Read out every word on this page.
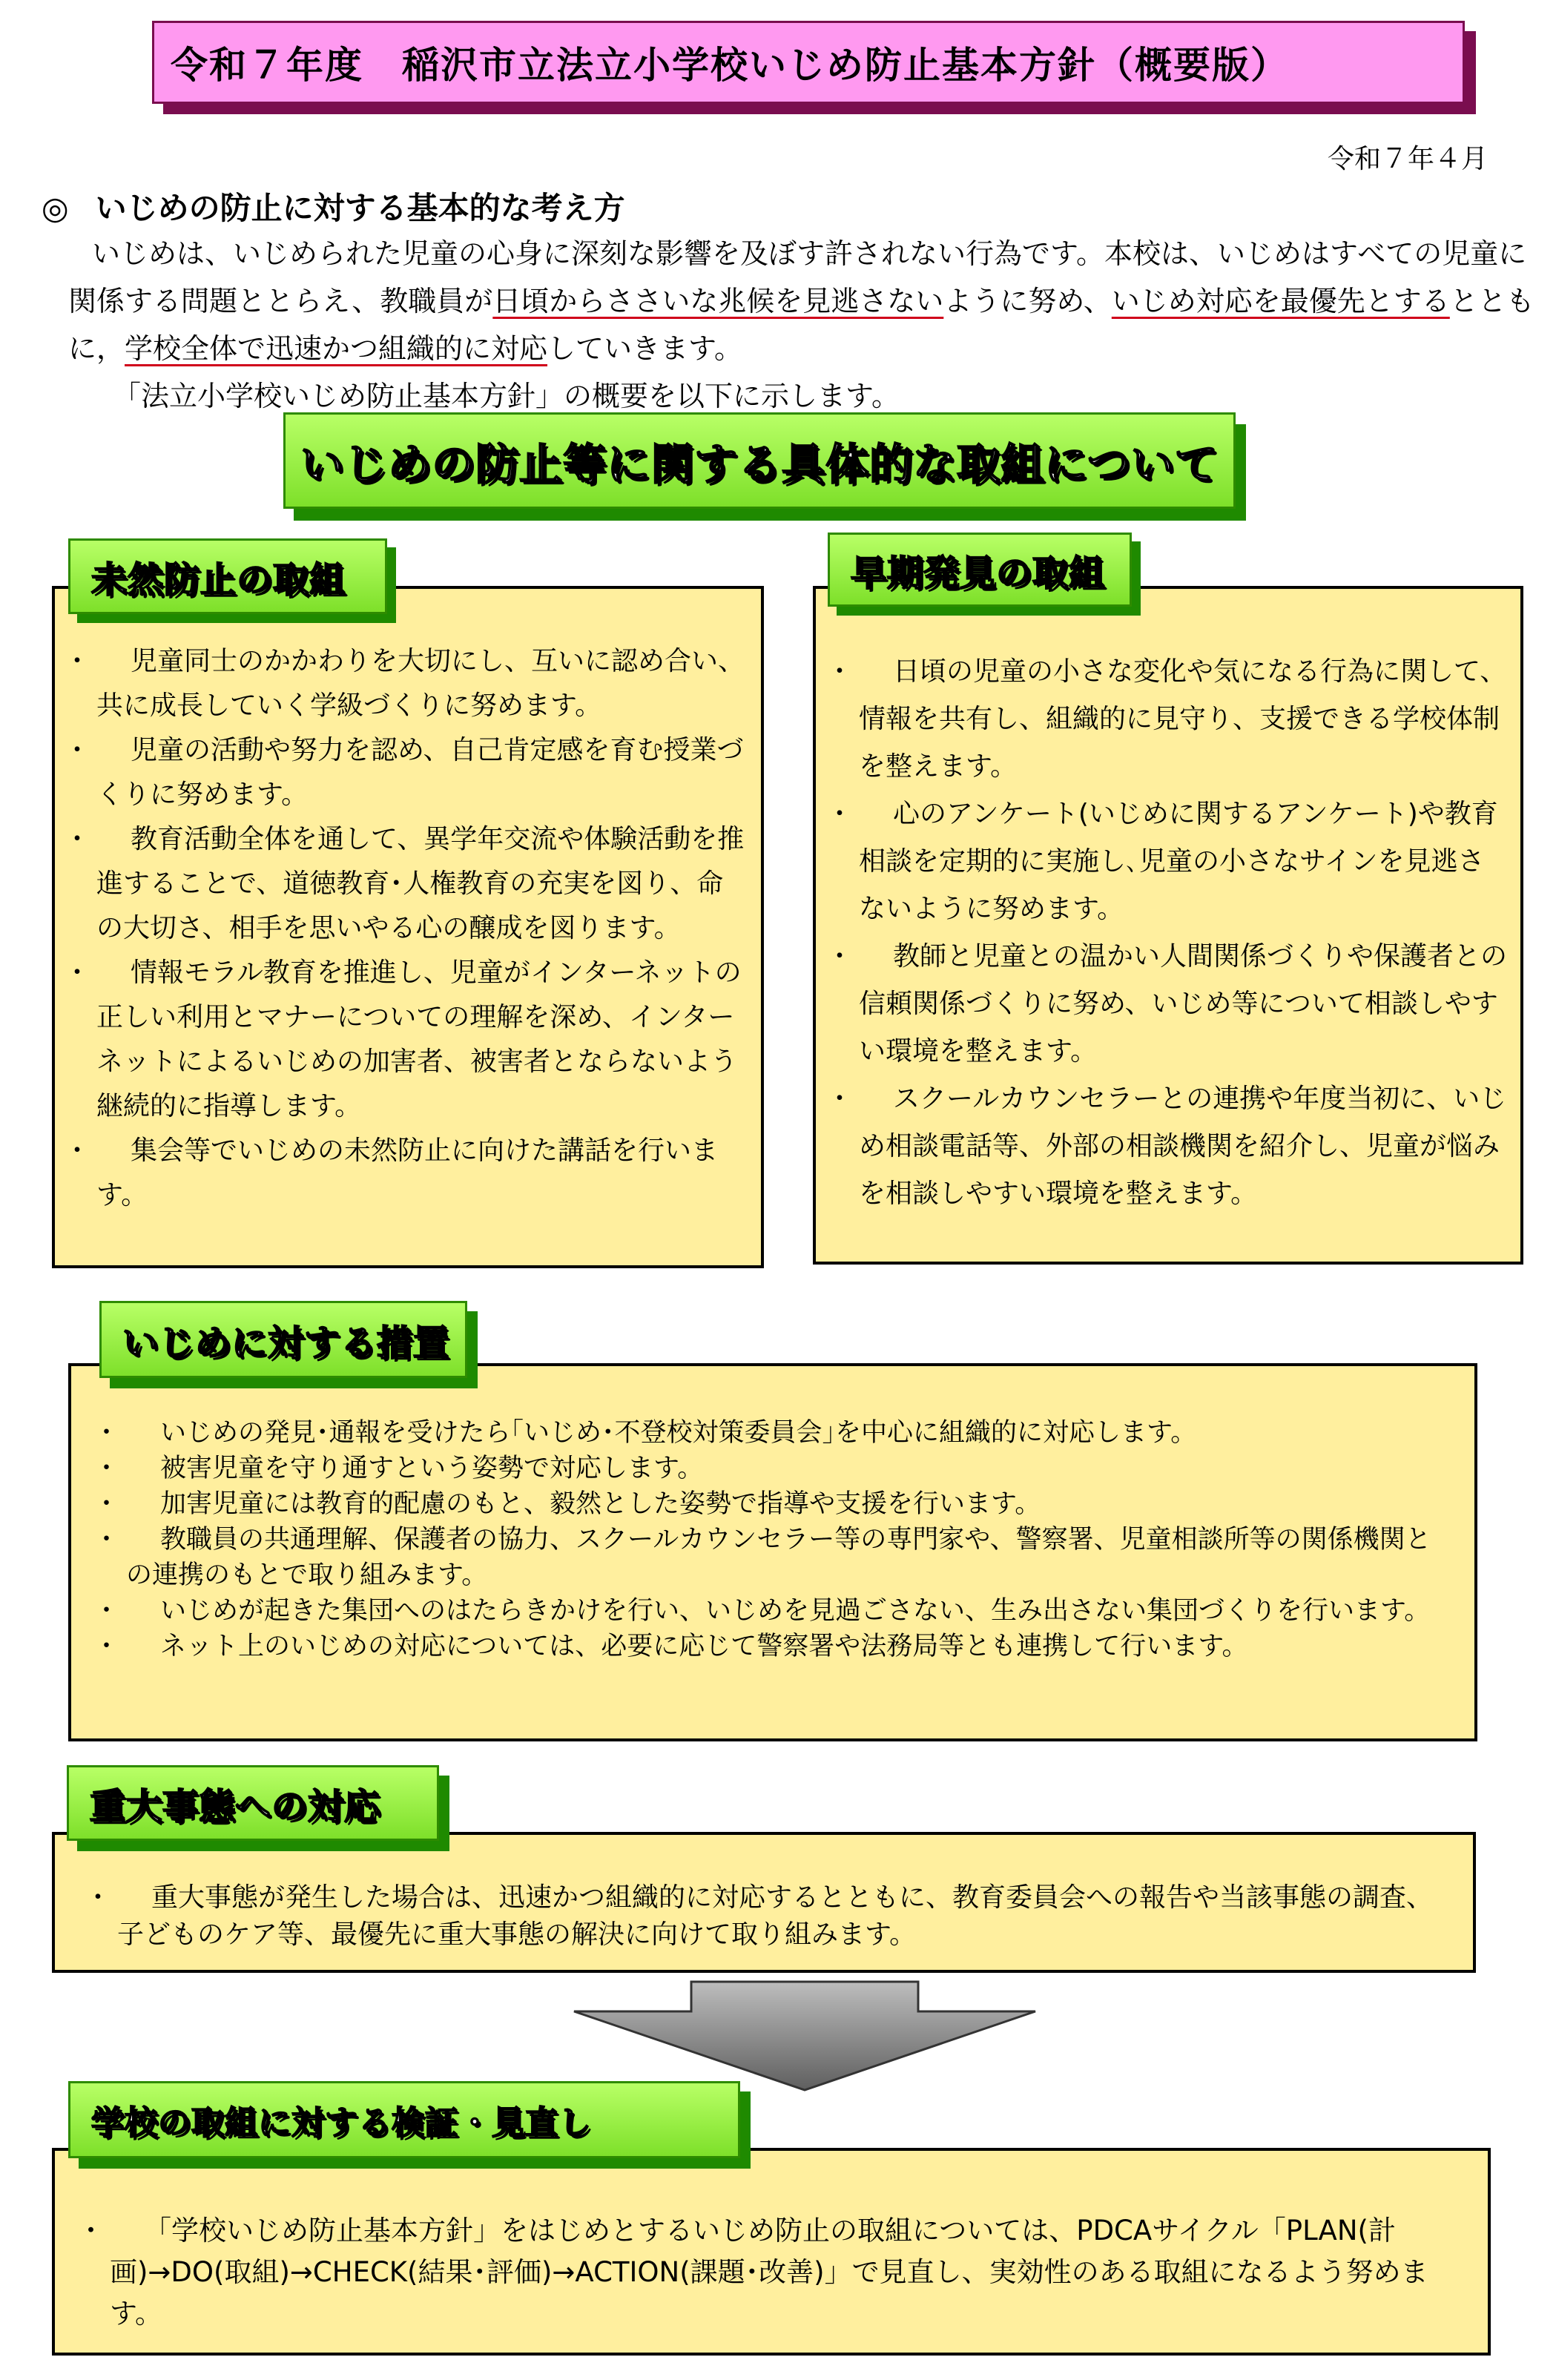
令和７年度　稲沢市立法立小学校いじめ防止基本方針（概要版）
令和７年４月
◎ いじめの防止に対する基本的な考え方

いじめは、いじめられた児童の心身に深刻な影響を及ぼす許されない行為です。本校は、いじめはすべての児童に関係する問題ととらえ、教職員が日頃からささいな兆候を見逃さないように努め、いじめ対応を最優先とするとともに，学校全体で迅速かつ組織的に対応していきます。

「法立小学校いじめ防止基本方針」の概要を以下に示します。

いじめの防止等に関する具体的な取組について
・	児童同士のかかわりを大切にし、互いに認め合い、共に成長していく学級づくりに努めます。
・	児童の活動や努力を認め、自己肯定感を育む授業づくりに努めます。
・	教育活動全体を通して、異学年交流や体験活動を推進することで、道徳教育･人権教育の充実を図り、命の大切さ、相手を思いやる心の醸成を図ります。
・	情報モラル教育を推進し、児童がインターネットの正しい利用とマナーについての理解を深め、インターネットによるいじめの加害者、被害者とならないよう継続的に指導します。
・	集会等でいじめの未然防止に向けた講話を行います。
未然防止の取組
・	日頃の児童の小さな変化や気になる行為に関して、情報を共有し、組織的に見守り、支援できる学校体制を整えます。
・	心のアンケート(いじめに関するアンケート)や教育相談を定期的に実施し､児童の小さなサインを見逃さないように努めます。
・	教師と児童との温かい人間関係づくりや保護者との信頼関係づくりに努め、いじめ等について相談しやすい環境を整えます。
・	スクールカウンセラーとの連携や年度当初に、いじめ相談電話等、外部の相談機関を紹介し、児童が悩みを相談しやすい環境を整えます。
早期発見の取組
・	いじめの発見･通報を受けたら｢いじめ･不登校対策委員会｣を中心に組織的に対応します。
・	被害児童を守り通すという姿勢で対応します。
・	加害児童には教育的配慮のもと、毅然とした姿勢で指導や支援を行います。
・	教職員の共通理解、保護者の協力、スクールカウンセラー等の専門家や、警察署、児童相談所等の関係機関との連携のもとで取り組みます。
・	いじめが起きた集団へのはたらきかけを行い、いじめを見過ごさない、生み出さない集団づくりを行います。
・	ネット上のいじめの対応については、必要に応じて警察署や法務局等とも連携して行います。
いじめに対する措置
・	重大事態が発生した場合は、迅速かつ組織的に対応するとともに、教育委員会への報告や当該事態の調査、子どものケア等、最優先に重大事態の解決に向けて取り組みます。
重大事態への対応
・	「学校いじめ防止基本方針」をはじめとするいじめ防止の取組については、PDCAサイクル「PLAN(計画)→DO(取組)→CHECK(結果･評価)→ACTION(課題･改善)」で見直し、実効性のある取組になるよう努めます。
学校の取組に対する検証・見直し
